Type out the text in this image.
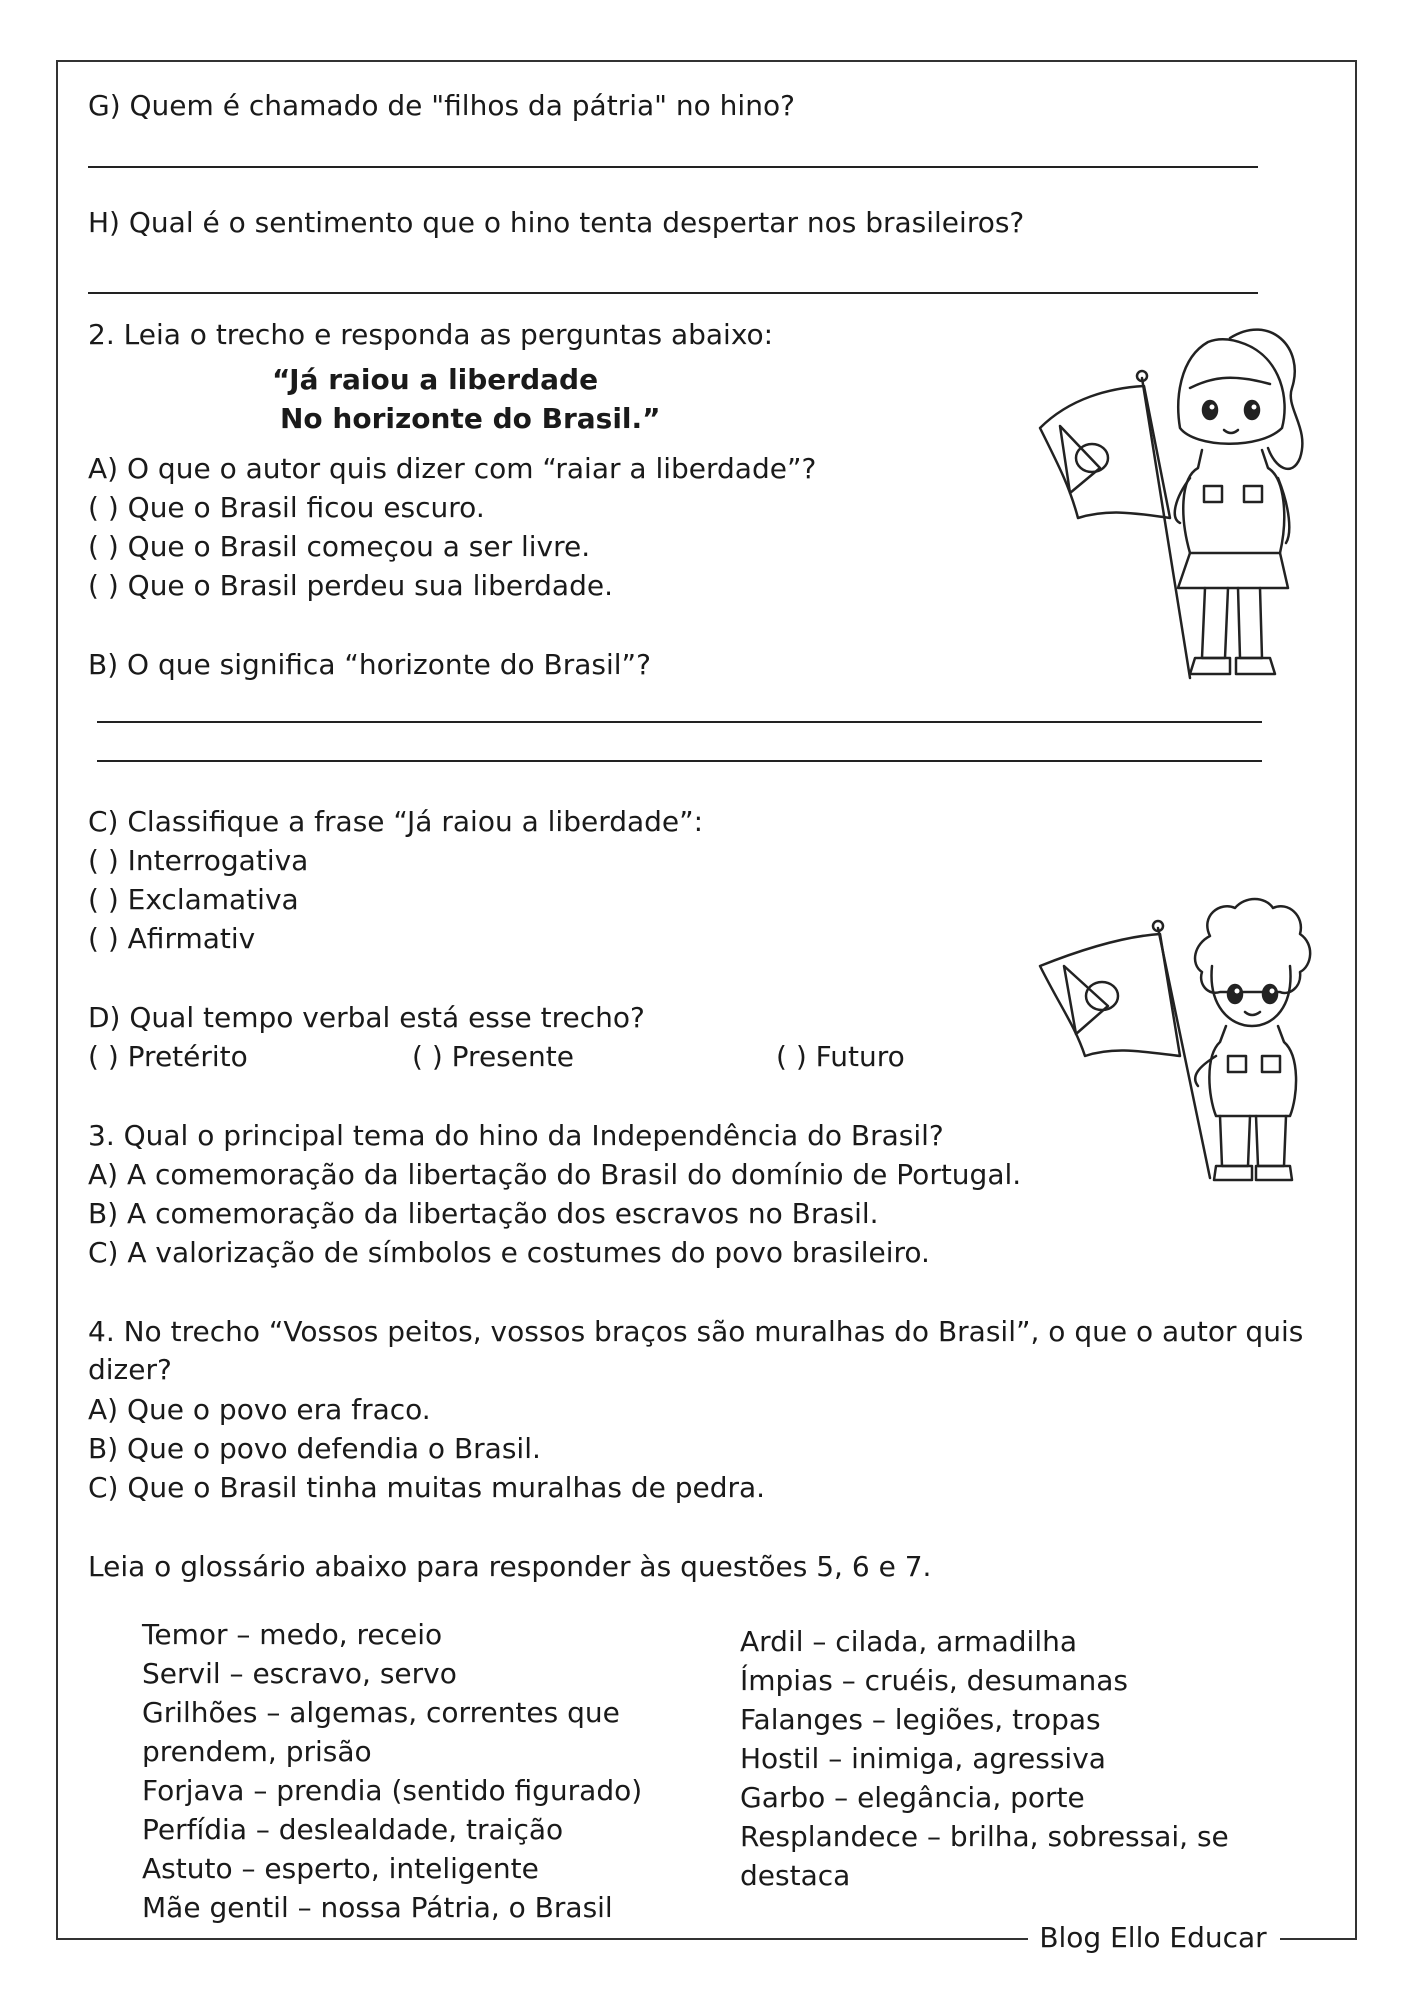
Blog Ello Educar
G) Quem é chamado de "filhos da pátria" no hino?
H) Qual é o sentimento que o hino tenta despertar nos brasileiros?
2. Leia o trecho e responda as perguntas abaixo:
“Já raiou a liberdade
No horizonte do Brasil.”
A) O que o autor quis dizer com “raiar a liberdade”?
( ) Que o Brasil ficou escuro.
( ) Que o Brasil começou a ser livre.
( ) Que o Brasil perdeu sua liberdade.
B) O que significa “horizonte do Brasil”?
C) Classifique a frase “Já raiou a liberdade”:
( ) Interrogativa
( ) Exclamativa
( ) Afirmativ
D) Qual tempo verbal está esse trecho?
( ) Pretérito	( ) Presente	( ) Futuro
3. Qual o principal tema do hino da Independência do Brasil?
A) A comemoração da libertação do Brasil do domínio de Portugal.
B) A comemoração da libertação dos escravos no Brasil.
C) A valorização de símbolos e costumes do povo brasileiro.
4. No trecho “Vossos peitos, vossos braços são muralhas do Brasil”, o que o autor quis dizer?
A) Que o povo era fraco.
B) Que o povo defendia o Brasil.
C) Que o Brasil tinha muitas muralhas de pedra.
Leia o glossário abaixo para responder às questões 5, 6 e 7.
Temor – medo, receio
Servil – escravo, servo
Grilhões – algemas, correntes que
prendem, prisão
Forjava – prendia (sentido figurado)
Perfídia – deslealdade, traição
Astuto – esperto, inteligente
Mãe gentil – nossa Pátria, o Brasil
Ardil – cilada, armadilha
Ímpias – cruéis, desumanas
Falanges – legiões, tropas
Hostil – inimiga, agressiva
Garbo – elegância, porte
Resplandece – brilha, sobressai, se
destaca
